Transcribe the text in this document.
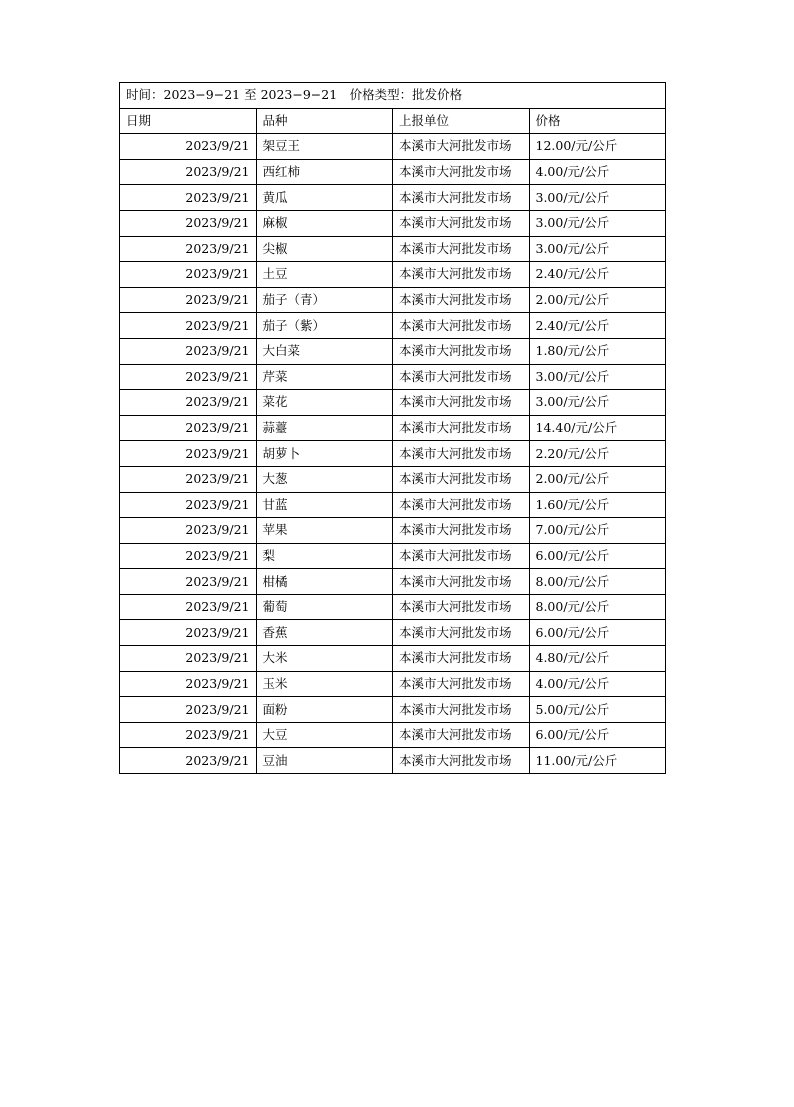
时间：2023−9−21 至 2023−9−21　价格类型：批发价格			
日期	品种	上报单位	价格
2023/9/21	架豆王	本溪市大河批发市场	12.00/元/公斤
2023/9/21	西红柿	本溪市大河批发市场	4.00/元/公斤
2023/9/21	黄瓜	本溪市大河批发市场	3.00/元/公斤
2023/9/21	麻椒	本溪市大河批发市场	3.00/元/公斤
2023/9/21	尖椒	本溪市大河批发市场	3.00/元/公斤
2023/9/21	土豆	本溪市大河批发市场	2.40/元/公斤
2023/9/21	茄子（青）	本溪市大河批发市场	2.00/元/公斤
2023/9/21	茄子（紫）	本溪市大河批发市场	2.40/元/公斤
2023/9/21	大白菜	本溪市大河批发市场	1.80/元/公斤
2023/9/21	芹菜	本溪市大河批发市场	3.00/元/公斤
2023/9/21	菜花	本溪市大河批发市场	3.00/元/公斤
2023/9/21	蒜薹	本溪市大河批发市场	14.40/元/公斤
2023/9/21	胡萝卜	本溪市大河批发市场	2.20/元/公斤
2023/9/21	大葱	本溪市大河批发市场	2.00/元/公斤
2023/9/21	甘蓝	本溪市大河批发市场	1.60/元/公斤
2023/9/21	苹果	本溪市大河批发市场	7.00/元/公斤
2023/9/21	梨	本溪市大河批发市场	6.00/元/公斤
2023/9/21	柑橘	本溪市大河批发市场	8.00/元/公斤
2023/9/21	葡萄	本溪市大河批发市场	8.00/元/公斤
2023/9/21	香蕉	本溪市大河批发市场	6.00/元/公斤
2023/9/21	大米	本溪市大河批发市场	4.80/元/公斤
2023/9/21	玉米	本溪市大河批发市场	4.00/元/公斤
2023/9/21	面粉	本溪市大河批发市场	5.00/元/公斤
2023/9/21	大豆	本溪市大河批发市场	6.00/元/公斤
2023/9/21	豆油	本溪市大河批发市场	11.00/元/公斤
